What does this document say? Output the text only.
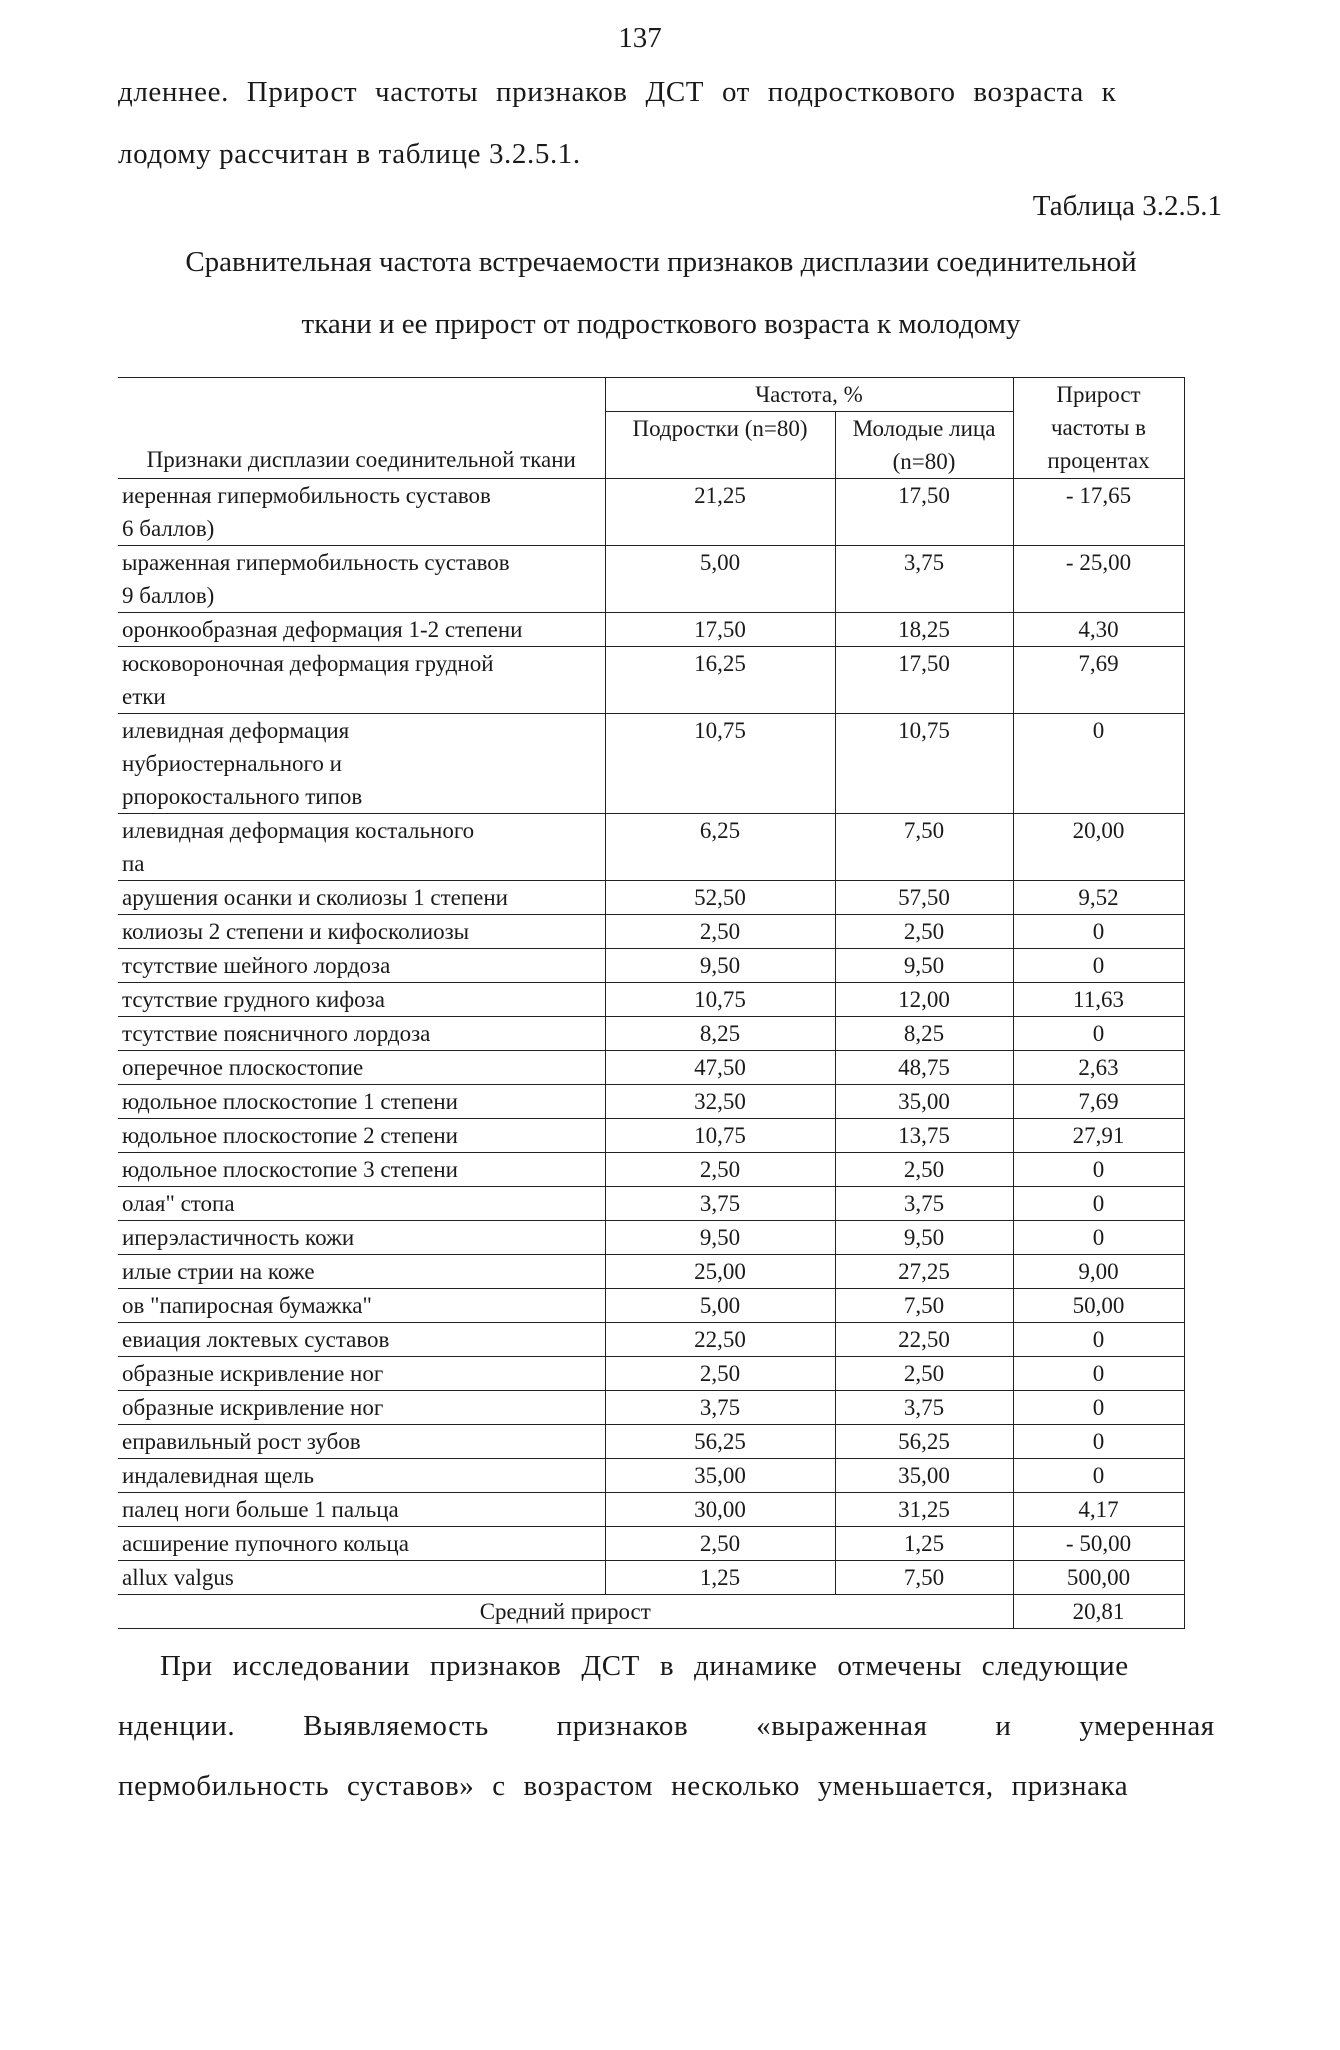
137
дленнее. Прирост частоты признаков ДСТ от подросткового возраста к
лодому рассчитан в таблице 3.2.5.1.
Таблица 3.2.5.1
Сравнительная частота встречаемости признаков дисплазии соединительной
ткани и ее прирост от подросткового возраста к молодому
Признаки дисплазии соединительной ткани	Частота, %		Прирост частоты в процентах
	Подростки (n=80)	Молодые лица (n=80)	
иеренная гипермобильность суставов
6 баллов)	21,25	17,50	- 17,65
ыраженная гипермобильность суставов
9 баллов)	5,00	3,75	- 25,00
оронкообразная деформация 1-2 степени	17,50	18,25	4,30
юсковороночная деформация грудной
етки	16,25	17,50	7,69
илевидная деформация
нубриостернального и
рпорокостального типов	10,75	10,75	0
илевидная деформация костального
па	6,25	7,50	20,00
арушения осанки и сколиозы 1 степени	52,50	57,50	9,52
колиозы 2 степени и кифосколиозы	2,50	2,50	0
тсутствие шейного лордоза	9,50	9,50	0
тсутствие грудного кифоза	10,75	12,00	11,63
тсутствие поясничного лордоза	8,25	8,25	0
оперечное плоскостопие	47,50	48,75	2,63
юдольное плоскостопие 1 степени	32,50	35,00	7,69
юдольное плоскостопие 2 степени	10,75	13,75	27,91
юдольное плоскостопие 3 степени	2,50	2,50	0
олая" стопа	3,75	3,75	0
иперэластичность кожи	9,50	9,50	0
илые стрии на коже	25,00	27,25	9,00
ов "папиросная бумажка"	5,00	7,50	50,00
евиация локтевых суставов	22,50	22,50	0
образные искривление ног	2,50	2,50	0
образные искривление ног	3,75	3,75	0
еправильный рост зубов	56,25	56,25	0
индалевидная щель	35,00	35,00	0
палец ноги больше 1 пальца	30,00	31,25	4,17
асширение пупочного кольца	2,50	1,25	- 50,00
allux valgus	1,25	7,50	500,00
Средний прирост			20,81
При исследовании признаков ДСТ в динамике отмечены следующие
нденции. Выявляемость признаков «выраженная и умеренная
пермобильность суставов» с возрастом несколько уменьшается, признака
